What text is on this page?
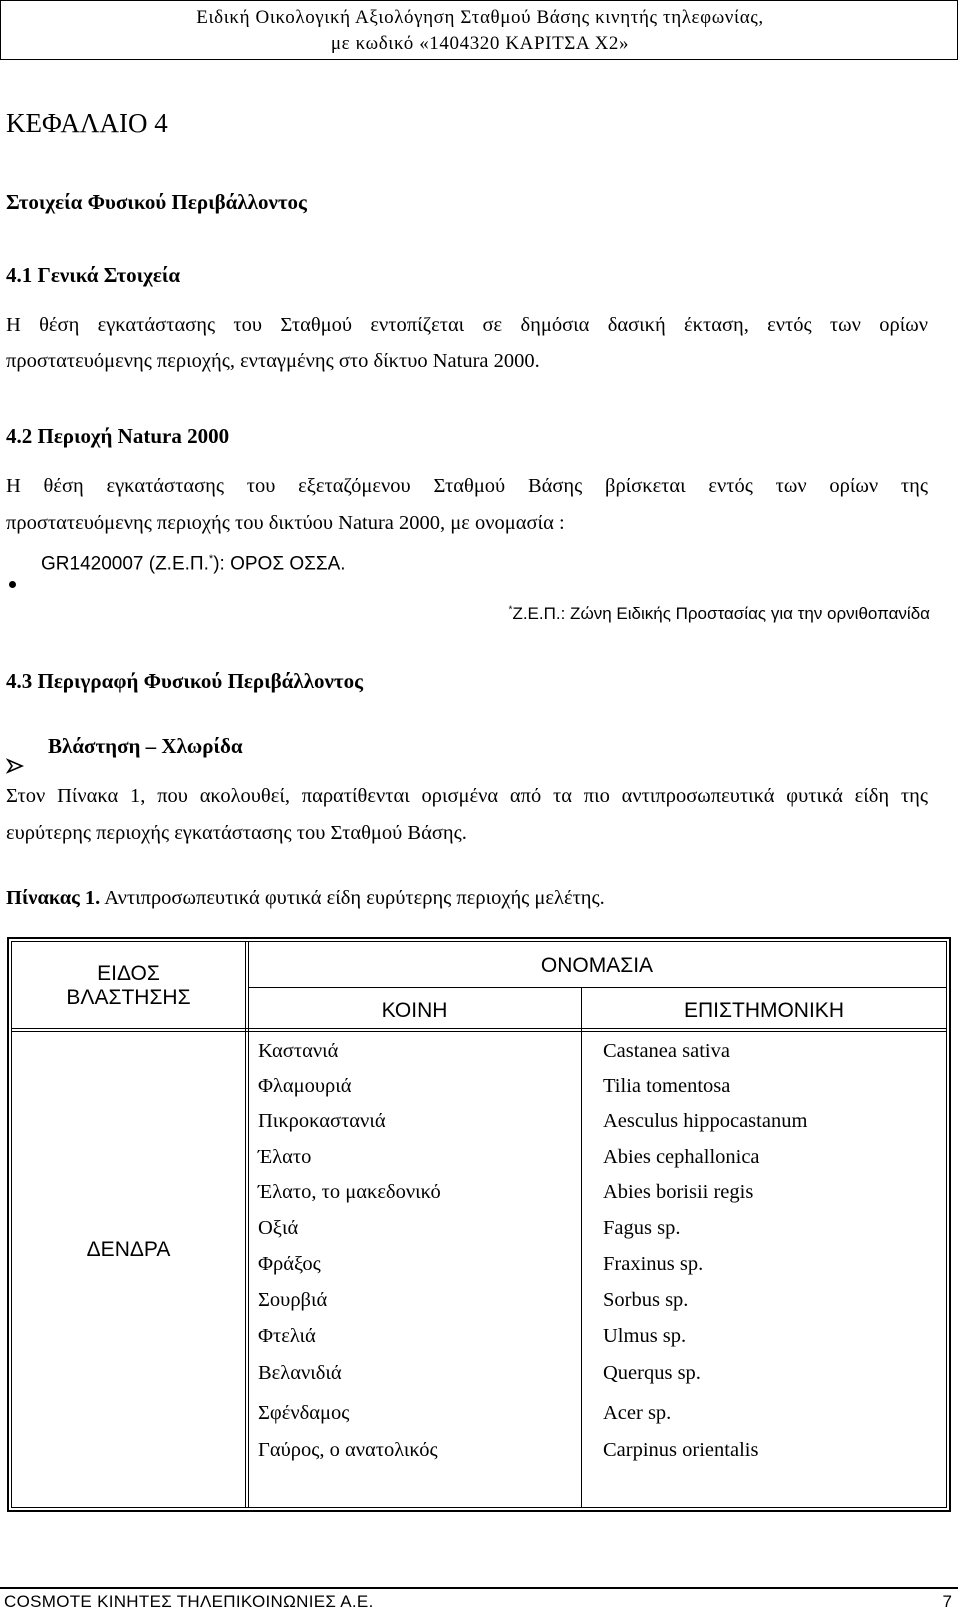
Ειδική Οικολογική Αξιολόγηση Σταθμού Βάσης κινητής τηλεφωνίας,
με κωδικό «1404320 ΚΑΡΙΤΣΑ Χ2»
ΚΕΦΑΛΑΙΟ 4
Στοιχεία Φυσικού Περιβάλλοντος
4.1 Γενικά Στοιχεία
Η θέση εγκατάστασης του Σταθμού εντοπίζεται σε δημόσια δασική έκταση, εντός των ορίων
προστατευόμενης περιοχής, ενταγμένης στο δίκτυο Natura 2000.
4.2 Περιοχή Natura 2000
Η θέση εγκατάστασης του εξεταζόμενου Σταθμού Βάσης βρίσκεται εντός των ορίων της
προστατευόμενης περιοχής του δικτύου Natura 2000, με ονομασία :
GR1420007 (Ζ.Ε.Π.*): ΟΡΟΣ ΟΣΣΑ.
*Ζ.Ε.Π.: Ζώνη Ειδικής Προστασίας για την ορνιθοπανίδα
4.3 Περιγραφή Φυσικού Περιβάλλοντος
Βλάστηση – Χλωρίδα
Στον Πίνακα 1, που ακολουθεί, παρατίθενται ορισμένα από τα πιο αντιπροσωπευτικά φυτικά είδη της
ευρύτερης περιοχής εγκατάστασης του Σταθμού Βάσης.
Πίνακας 1. Αντιπροσωπευτικά φυτικά είδη ευρύτερης περιοχής μελέτης.
ΕΙΔΟΣ
ΒΛΑΣΤΗΣΗΣ
ΟΝΟΜΑΣΙΑ
ΚΟΙΝΗ	ΕΠΙΣΤΗΜΟΝΙΚΗ
ΔΕΝΔΡΑ
Καστανιά	Castanea sativa
Φλαμουριά	Tilia tomentosa
Πικροκαστανιά	Aesculus hippocastanum
Έλατο	Abies cephallonica
Έλατο, το μακεδονικό	Abies borisii regis
Οξιά	Fagus sp.
Φράξος	Fraxinus sp.
Σουρβιά	Sorbus sp.
Φτελιά	Ulmus sp.
Βελανιδιά	Querqus sp.
Σφένδαμος	Acer sp.
Γαύρος, ο ανατολικός	Carpinus orientalis
COSMOTE ΚΙΝΗΤΕΣ ΤΗΛΕΠΙΚΟΙΝΩΝΙΕΣ Α.Ε.	7
